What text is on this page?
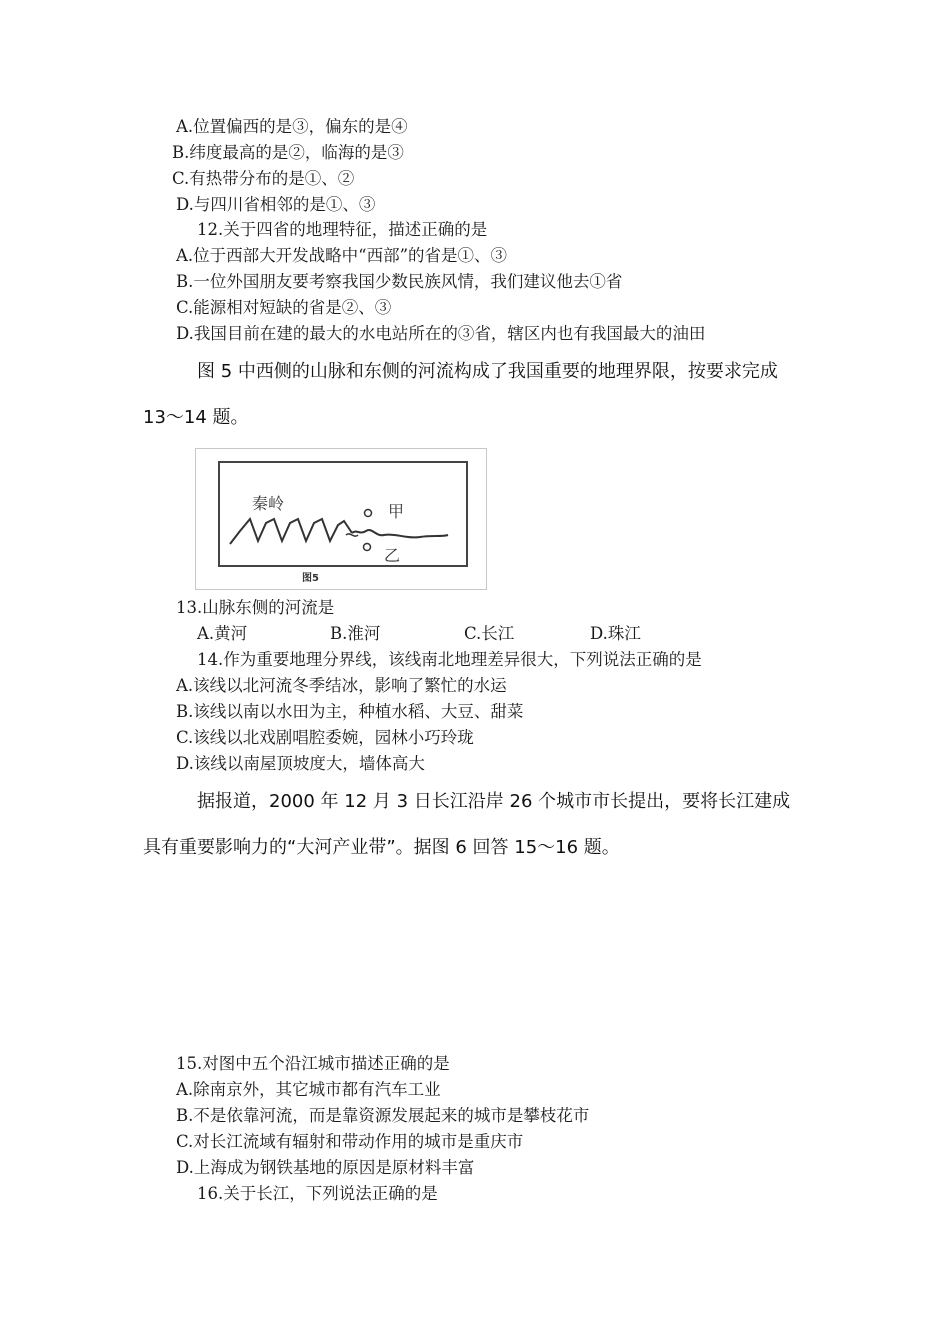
A.位置偏西的是③，偏东的是④
B.纬度最高的是②，临海的是③
C.有热带分布的是①、②
D.与四川省相邻的是①、③
12.关于四省的地理特征，描述正确的是
A.位于西部大开发战略中“西部”的省是①、③
B.一位外国朋友要考察我国少数民族风情，我们建议他去①省
C.能源相对短缺的省是②、③
D.我国目前在建的最大的水电站所在的③省，辖区内也有我国最大的油田
图 5 中西侧的山脉和东侧的河流构成了我国重要的地理界限，按要求完成
13～14 题。
秦岭	甲
乙
图5
13.山脉东侧的河流是
A.黄河	B.淮河	C.长江	D.珠江
14.作为重要地理分界线，该线南北地理差异很大，下列说法正确的是
A.该线以北河流冬季结冰，影响了繁忙的水运
B.该线以南以水田为主，种植水稻、大豆、甜菜
C.该线以北戏剧唱腔委婉，园林小巧玲珑
D.该线以南屋顶坡度大，墙体高大
据报道，2000 年 12 月 3 日长江沿岸 26 个城市市长提出，要将长江建成
具有重要影响力的“大河产业带”。据图 6 回答 15～16 题。
15.对图中五个沿江城市描述正确的是
A.除南京外，其它城市都有汽车工业
B.不是依靠河流，而是靠资源发展起来的城市是攀枝花市
C.对长江流域有辐射和带动作用的城市是重庆市
D.上海成为钢铁基地的原因是原材料丰富
16.关于长江，下列说法正确的是
